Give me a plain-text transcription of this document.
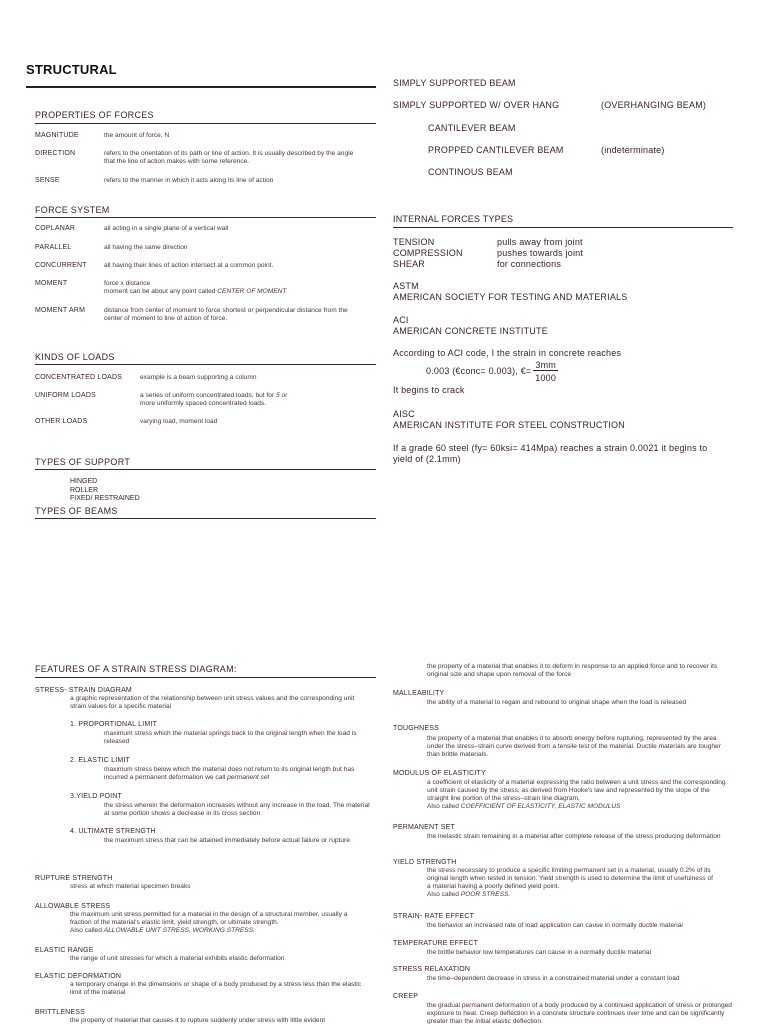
STRUCTURAL
PROPERTIES OF FORCES
MAGNITUDE	the amount of force, N
DIRECTION	refers to the orientation of its path or line of action. It is usually described by the angle that the line of action makes with some reference.
SENSE	refers to the manner in which it acts along its line of action
FORCE SYSTEM
COPLANAR	all acting in a single plane of a vertical wall
PARALLEL	all having the same direction
CONCURRENT	all having their lines of action intersect at a common point.
MOMENT	force x distance
moment can be about any point called CENTER OF MOMENT
MOMENT ARM	distance from center of moment to force shortest or perpendicular distance from the center of moment to line of action of force.
KINDS OF LOADS
CONCENTRATED LOADS	example is a beam supporting a column
UNIFORM LOADS	a series of uniform concentrated loads, but for 5 or
more uniformly spaced concentrated loads.
OTHER LOADS	varying load, moment load
TYPES OF SUPPORT
HINGED
ROLLER
FIXED/ RESTRAINED
TYPES OF BEAMS
SIMPLY SUPPORTED BEAM
SIMPLY SUPPORTED W/ OVER HANG	(OVERHANGING BEAM)
CANTILEVER BEAM
PROPPED CANTILEVER BEAM	(indeterminate)
CONTINOUS BEAM
INTERNAL FORCES TYPES
TENSION	pulls away from joint
COMPRESSION	pushes towards joint
SHEAR	for connections
ASTM
AMERICAN SOCIETY FOR TESTING AND MATERIALS
ACI
AMERICAN CONCRETE INSTITUTE
According to ACI code, I the strain in concrete reaches
0.003 (€conc= 0.003), €= $\frac{3mm}{1000}$
It begins to crack
AISC
AMERICAN INSTITUTE FOR STEEL CONSTRUCTION
If a grade 60 steel (fy= 60ksi= 414Mpa) reaches a strain 0.0021 it begins to yield of (2.1mm)
FEATURES OF A STRAIN STRESS DIAGRAM:
STRESS- STRAIN DIAGRAM
a graphic representation of the relationship between unit stress values and the corresponding unit strain values for a specific material
1. PROPORTIONAL LIMIT
maximum stress which the material springs back to the original length when the load is released
2. ELASTIC LIMIT
maximum stress below which the material does not return to its original length but has incurred a permanent deformation we call permanent set
3.YIELD POINT
the stress wherein the deformation increases without any increase in the load. The material at some portion shows a decrease in its cross section
4. ULTIMATE STRENGTH
the maximum stress that can be attained immediately before actual failure or rupture
RUPTURE STRENGTH
stress at which material specimen breaks
ALLOWABLE STRESS
the maximum unit stress permitted for a material in the design of a structural member, usually a fraction of the material's elastic limit, yield strength, or ultimate strength.
Also called ALLOWABLE UNIT STRESS, WORKING STRESS.
ELASTIC RANGE
the range of unit stresses for which a material exhibits elastic deformation
ELASTIC DEFORMATION
a temporary change in the dimensions or shape of a body produced by a stress less than the elastic limit of the material
BRITTLENESS
the property of material that causes it to rupture suddenly under stress with little evident
the property of a material that enables it to deform in response to an applied force and to recover its original size and shape upon removal of the force
MALLEABILITY
the ability of a material to regain and rebound to original shape when the load is released
TOUGHNESS
the property of a material that enables it to absorb energy before rupturing, represented by the area under the stress–strain curve derived from a tensile test of the material. Ductile materials are tougher than brittle materials.
MODULUS OF ELASTICITY
a coefficient of elasticity of a material expressing the ratio between a unit stress and the corresponding unit strain caused by the stress, as derived from Hooke's law and represented by the slope of the straight line portion of the stress–strain line diagram.
Also called COEFFICIENT OF ELASTICITY, ELASTIC MODULUS
PERMANENT SET
the inelastic strain remaining in a material after complete release of the stress producing deformation
YIELD STRENGTH
the stress necessary to produce a specific limiting permanent set in a material, usually 0.2% of its original length when tested in tension. Yield strength is used to determine the limit of usefulness of a material having a poorly defined yield point.
Also called POOR STRESS.
STRAIN- RATE EFFECT
the behavior an increased rate of load application can cause in normally ductile material
TEMPERATURE EFFECT
the brittle behavior low temperatures can cause in a normally ductile material
STRESS RELAXATION
the time–dependent decrease in stress in a constrained material under a constant load
CREEP
the gradual permanent deformation of a body produced by a continued application of stress or prolonged exposure to heat. Creep deflection in a concrete structure continues over time and can be significantly greater than the initial elastic deflection.
